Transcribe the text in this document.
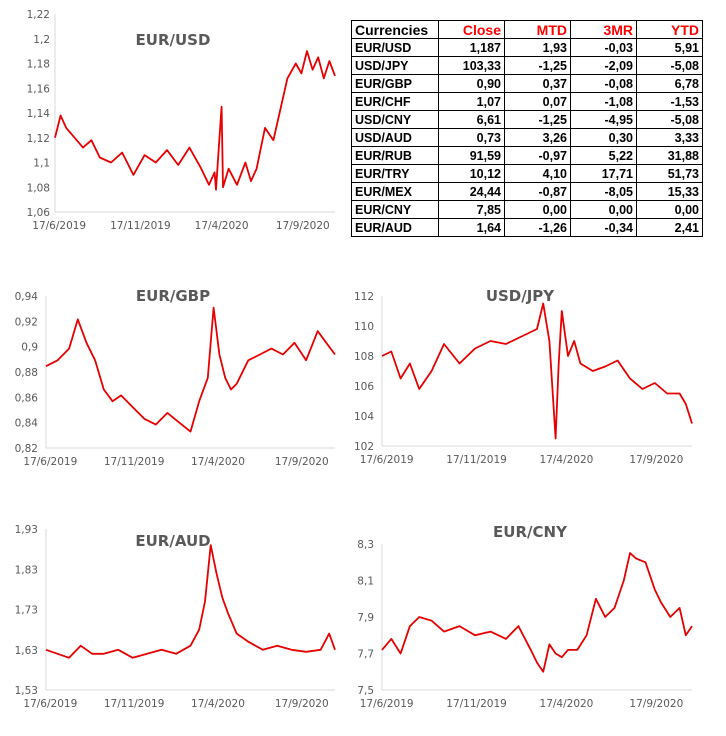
EUR/USD
1,06
1,08
1,1
1,12
1,14
1,16
1,18
1,2
1,22
17/6/2019 17/11/2019 17/4/2020	17/9/2020
EUR/GBP
0,82
0,84
0,86
0,88
0,9
0,92
0,94
17/6/2019	17/11/2019	17/4/2020	17/9/2020
USD/JPY
102
104
106
108
110
112
17/6/2019	17/11/2019	17/4/2020	17/9/2020
EUR/AUD
1,53
1,63
1,73
1,83
1,93
17/6/2019	17/11/2019	17/4/2020	17/9/2020
EUR/CNY
7,5
7,7
7,9
8,1
8,3
17/6/2019	17/11/2019	17/4/2020	17/9/2020
Currencies	Close	MTD	3MR	YTD
EUR/USD	1,187	1,93	-0,03	5,91
USD/JPY	103,33	-1,25	-2,09	-5,08
EUR/GBP	0,90	0,37	-0,08	6,78
EUR/CHF	1,07	0,07	-1,08	-1,53
USD/CNY	6,61	-1,25	-4,95	-5,08
USD/AUD	0,73	3,26	0,30	3,33
EUR/RUB	91,59	-0,97	5,22	31,88
EUR/TRY	10,12	4,10	17,71	51,73
EUR/MEX	24,44	-0,87	-8,05	15,33
EUR/CNY	7,85	0,00	0,00	0,00
EUR/AUD	1,64	-1,26	-0,34	2,41
